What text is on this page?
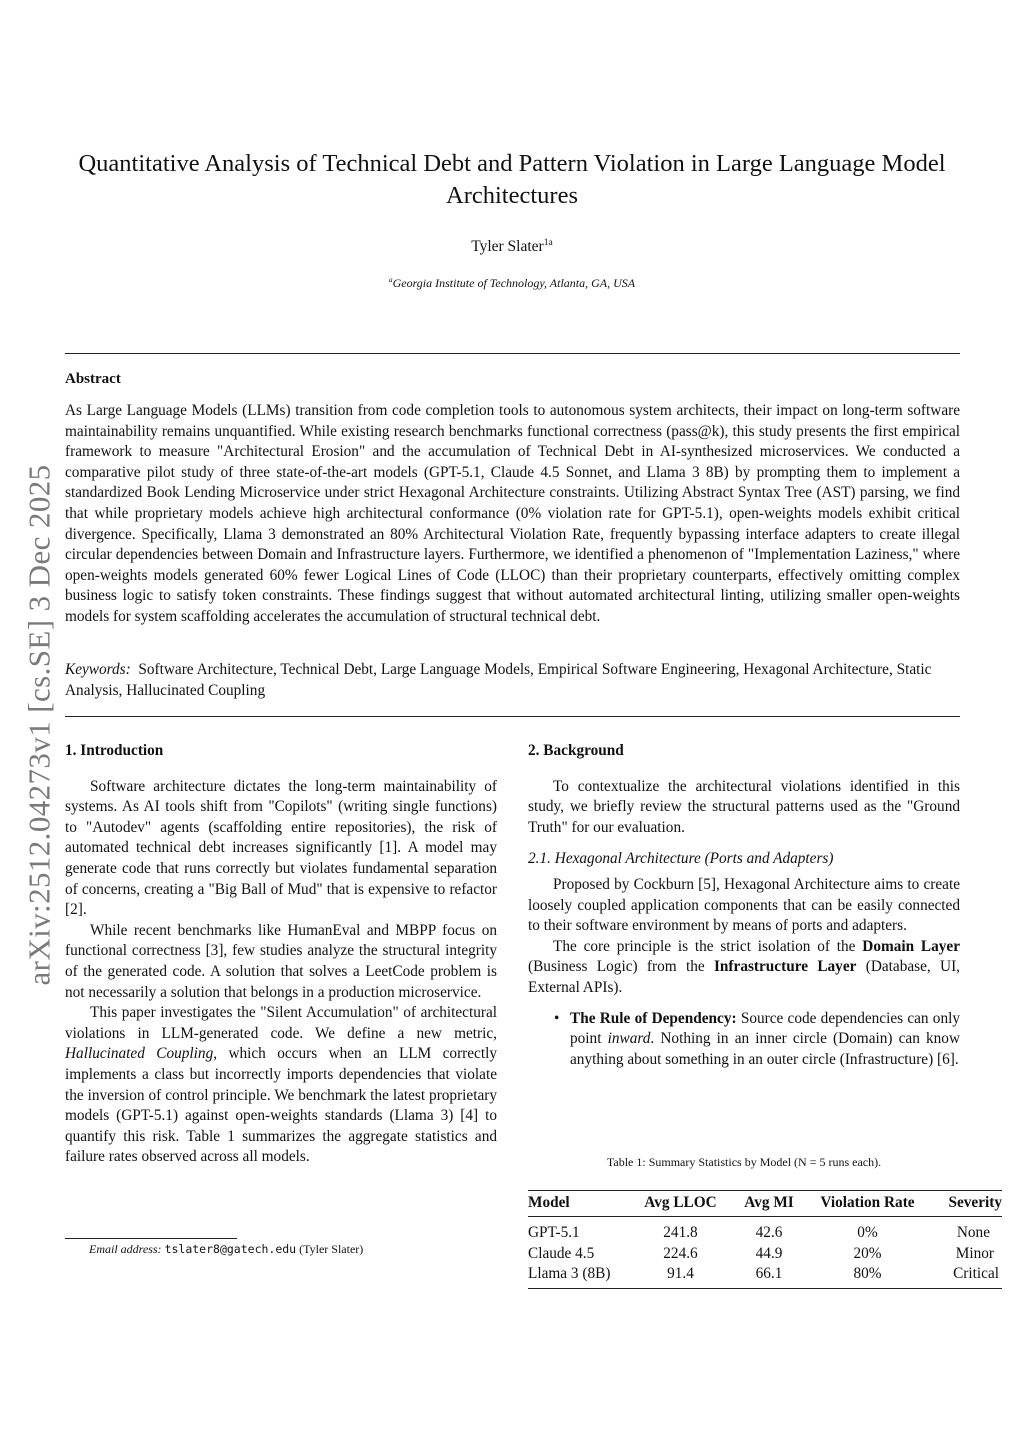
arXiv:2512.04273v1 [cs.SE] 3 Dec 2025
Quantitative Analysis of Technical Debt and Pattern Violation in Large Language Model Architectures
Tyler Slater$^{1a}$
$^a$Georgia Institute of Technology, Atlanta, GA, USA
Abstract
As Large Language Models (LLMs) transition from code completion tools to autonomous system architects, their impact on long-term software maintainability remains unquantified. While existing research benchmarks functional correctness (pass@k), this study presents the first empirical framework to measure "Architectural Erosion" and the accumulation of Technical Debt in AI-synthesized microservices. We conducted a comparative pilot study of three state-of-the-art models (GPT-5.1, Claude 4.5 Sonnet, and Llama 3 8B) by prompting them to implement a standardized Book Lending Microservice under strict Hexagonal Architecture constraints. Utilizing Abstract Syntax Tree (AST) parsing, we find that while proprietary models achieve high architectural conformance (0% violation rate for GPT-5.1), open-weights models exhibit critical divergence. Specifically, Llama 3 demonstrated an 80% Architectural Violation Rate, frequently bypassing interface adapters to create illegal circular dependencies between Domain and Infrastructure layers. Furthermore, we identified a phenomenon of "Implementation Laziness," where open-weights models generated 60% fewer Logical Lines of Code (LLOC) than their proprietary counterparts, effectively omitting complex business logic to satisfy token constraints. These findings suggest that without automated architectural linting, utilizing smaller open-weights models for system scaffolding accelerates the accumulation of structural technical debt.
Keywords: Software Architecture, Technical Debt, Large Language Models, Empirical Software Engineering, Hexagonal Architecture, Static Analysis, Hallucinated Coupling
1. Introduction

Software architecture dictates the long-term maintainability of systems. As AI tools shift from "Copilots" (writing single functions) to "Autodev" agents (scaffolding entire repositories), the risk of automated technical debt increases significantly [1]. A model may generate code that runs correctly but violates fundamental separation of concerns, creating a "Big Ball of Mud" that is expensive to refactor [2].

While recent benchmarks like HumanEval and MBPP focus on functional correctness [3], few studies analyze the structural integrity of the generated code. A solution that solves a LeetCode problem is not necessarily a solution that belongs in a production microservice.

This paper investigates the "Silent Accumulation" of architectural violations in LLM-generated code. We define a new metric, Hallucinated Coupling, which occurs when an LLM correctly implements a class but incorrectly imports dependencies that violate the inversion of control principle. We benchmark the latest proprietary models (GPT-5.1) against open-weights standards (Llama 3) [4] to quantify this risk. Table 1 summarizes the aggregate statistics and failure rates observed across all models.

Email address: tslater8@gatech.edu (Tyler Slater)
2. Background

To contextualize the architectural violations identified in this study, we briefly review the structural patterns used as the "Ground Truth" for our evaluation.

2.1. Hexagonal Architecture (Ports and Adapters)

Proposed by Cockburn [5], Hexagonal Architecture aims to create loosely coupled application components that can be easily connected to their software environment by means of ports and adapters.

The core principle is the strict isolation of the Domain Layer (Business Logic) from the Infrastructure Layer (Database, UI, External APIs).

• The Rule of Dependency: Source code dependencies can only point inward. Nothing in an inner circle (Domain) can know anything about something in an outer circle (Infrastructure) [6].
Table 1: Summary Statistics by Model (N = 5 runs each).
Model	Avg LLOC	Avg MI	Violation Rate	Severity
GPT-5.1	241.8	42.6	0%	None
Claude 4.5	224.6	44.9	20%	Minor
Llama 3 (8B)	91.4	66.1	80%	Critical
